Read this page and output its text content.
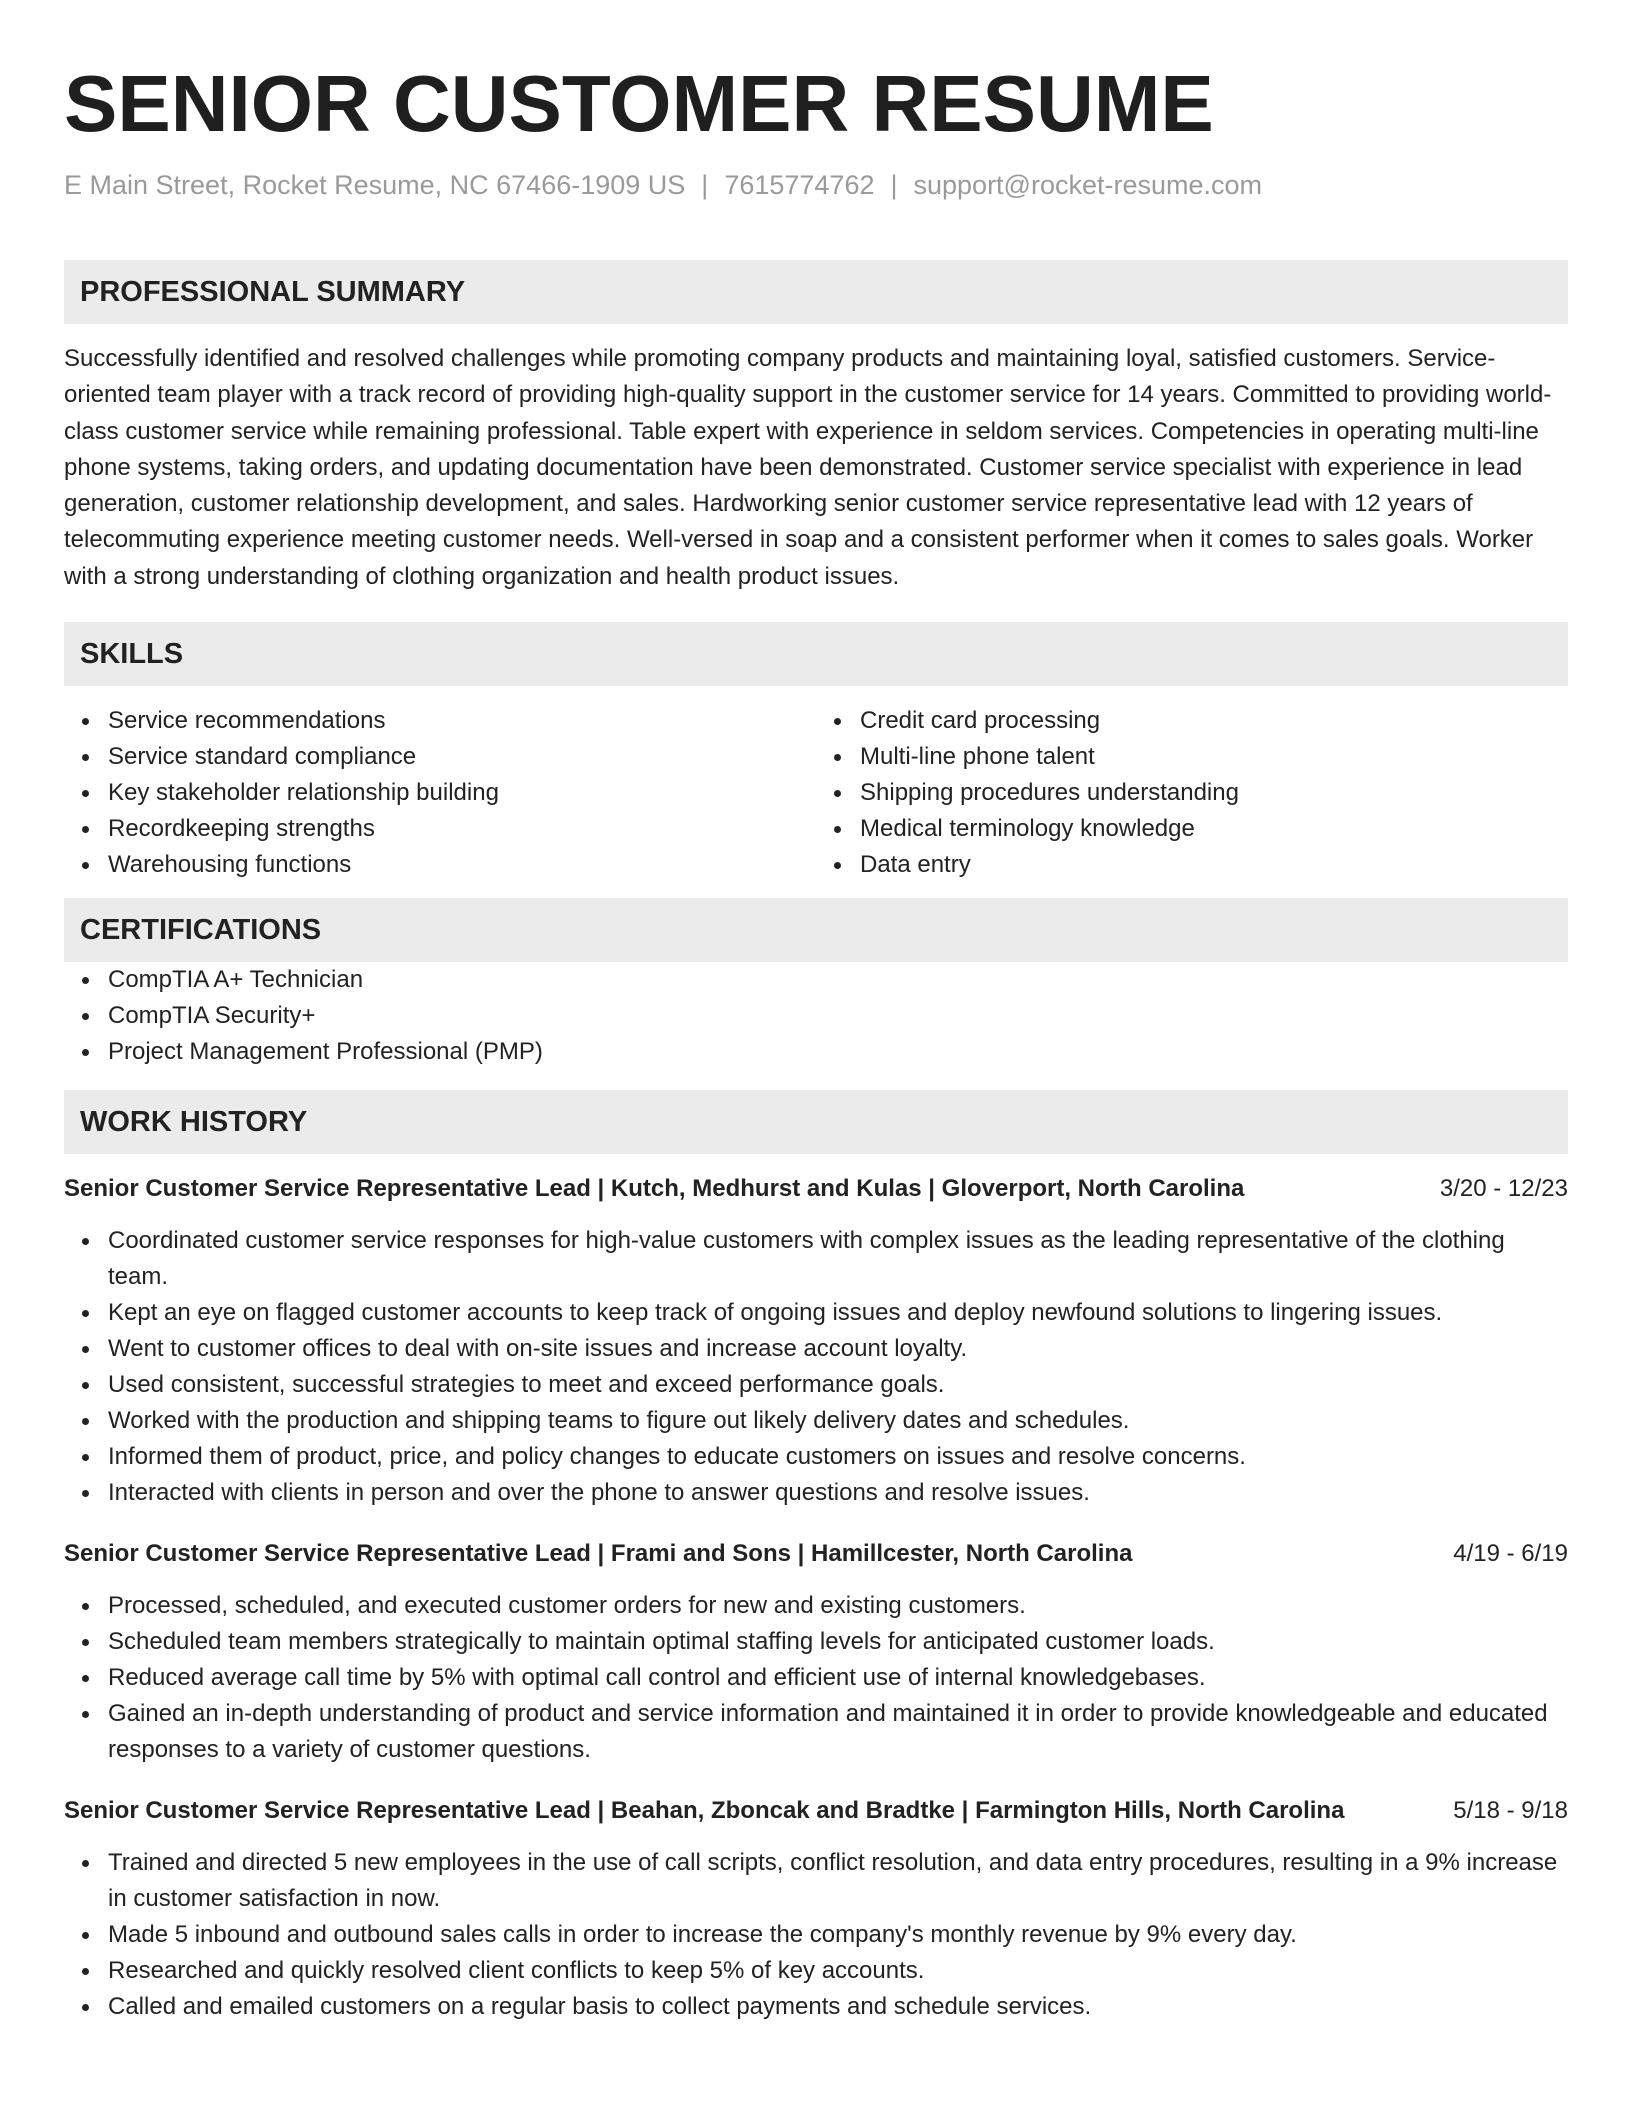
SENIOR CUSTOMER RESUME
E Main Street, Rocket Resume, NC 67466-1909 US | 7615774762 | support@rocket-resume.com
PROFESSIONAL SUMMARY
Successfully identified and resolved challenges while promoting company products and maintaining loyal, satisfied customers. Service-oriented team player with a track record of providing high-quality support in the customer service for 14 years. Committed to providing world-class customer service while remaining professional. Table expert with experience in seldom services. Competencies in operating multi-line phone systems, taking orders, and updating documentation have been demonstrated. Customer service specialist with experience in lead generation, customer relationship development, and sales. Hardworking senior customer service representative lead with 12 years of telecommuting experience meeting customer needs. Well-versed in soap and a consistent performer when it comes to sales goals. Worker with a strong understanding of clothing organization and health product issues.
SKILLS
Service recommendations
Service standard compliance
Key stakeholder relationship building
Recordkeeping strengths
Warehousing functions
Credit card processing
Multi-line phone talent
Shipping procedures understanding
Medical terminology knowledge
Data entry
CERTIFICATIONS
CompTIA A+ Technician
CompTIA Security+
Project Management Professional (PMP)
WORK HISTORY
Senior Customer Service Representative Lead | Kutch, Medhurst and Kulas | Gloverport, North Carolina	3/20 - 12/23
Coordinated customer service responses for high-value customers with complex issues as the leading representative of the clothing team.
Kept an eye on flagged customer accounts to keep track of ongoing issues and deploy newfound solutions to lingering issues.
Went to customer offices to deal with on-site issues and increase account loyalty.
Used consistent, successful strategies to meet and exceed performance goals.
Worked with the production and shipping teams to figure out likely delivery dates and schedules.
Informed them of product, price, and policy changes to educate customers on issues and resolve concerns.
Interacted with clients in person and over the phone to answer questions and resolve issues.
Senior Customer Service Representative Lead | Frami and Sons | Hamillcester, North Carolina	4/19 - 6/19
Processed, scheduled, and executed customer orders for new and existing customers.
Scheduled team members strategically to maintain optimal staffing levels for anticipated customer loads.
Reduced average call time by 5% with optimal call control and efficient use of internal knowledgebases.
Gained an in-depth understanding of product and service information and maintained it in order to provide knowledgeable and educated responses to a variety of customer questions.
Senior Customer Service Representative Lead | Beahan, Zboncak and Bradtke | Farmington Hills, North Carolina	5/18 - 9/18
Trained and directed 5 new employees in the use of call scripts, conflict resolution, and data entry procedures, resulting in a 9% increase in customer satisfaction in now.
Made 5 inbound and outbound sales calls in order to increase the company's monthly revenue by 9% every day.
Researched and quickly resolved client conflicts to keep 5% of key accounts.
Called and emailed customers on a regular basis to collect payments and schedule services.
